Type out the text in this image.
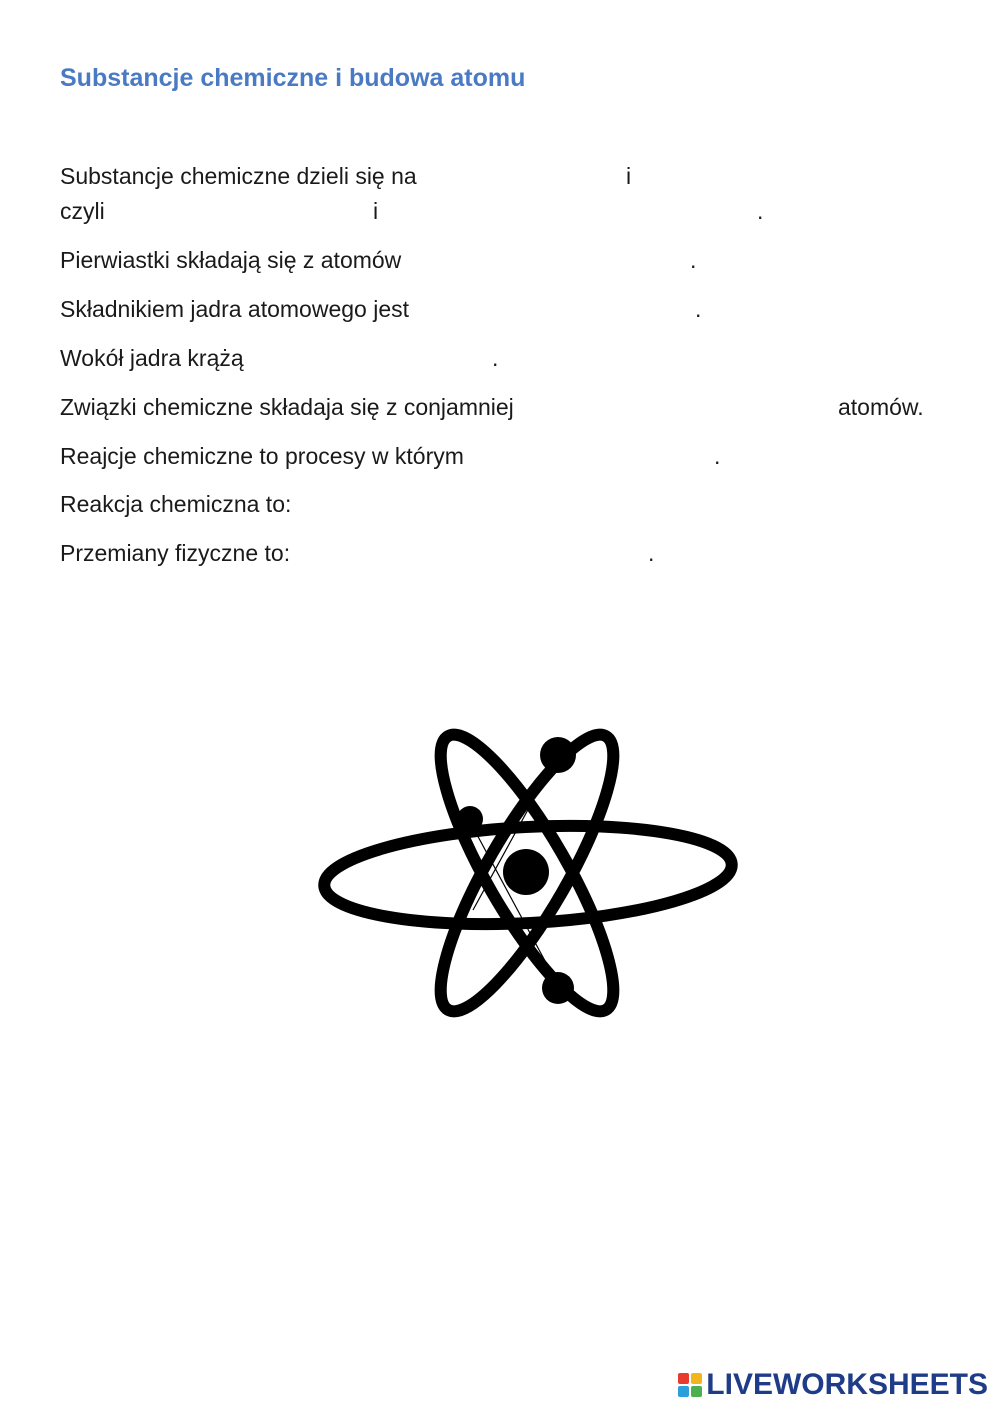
Substancje chemiczne i budowa atomu
Substancje chemiczne dzieli się na	i
czyli	i	.
Pierwiastki składają się z atomów	.
Składnikiem jadra atomowego jest	.
Wokół jadra krążą	.
Związki chemiczne składaja się z conjamniej	atomów.
Reajcje chemiczne to procesy w którym	.
Reakcja chemiczna to:
Przemiany fizyczne to:	.
LIVEWORKSHEETS
